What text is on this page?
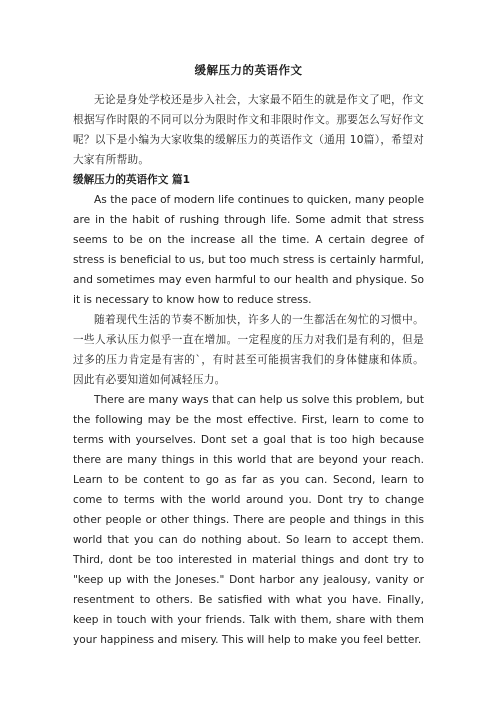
缓解压力的英语作文

无论是身处学校还是步入社会，大家最不陌生的就是作文了吧，作文根据写作时限的不同可以分为限时作文和非限时作文。那要怎么写好作文呢？以下是小编为大家收集的缓解压力的英语作文（通用 10篇），希望对大家有所帮助。

缓解压力的英语作文 篇1

As the pace of modern life continues to quicken, many people are in the habit of rushing through life. Some admit that stress seems to be on the increase all the time. A certain degree of stress is beneficial to us, but too much stress is certainly harmful, and sometimes may even harmful to our health and physique. So it is necessary to know how to reduce stress.

随着现代生活的节奏不断加快，许多人的一生都活在匆忙的习惯中。一些人承认压力似乎一直在增加。一定程度的压力对我们是有利的，但是过多的压力肯定是有害的`，有时甚至可能损害我们的身体健康和体质。因此有必要知道如何减轻压力。

There are many ways that can help us solve this problem, but the following may be the most effective. First, learn to come to terms with yourselves. Dont set a goal that is too high because there are many things in this world that are beyond your reach. Learn to be content to go as far as you can. Second, learn to come to terms with the world around you. Dont try to change other people or other things. There are people and things in this world that you can do nothing about. So learn to accept them. Third, dont be too interested in material things and dont try to "keep up with the Joneses." Dont harbor any jealousy, vanity or resentment to others. Be satisfied with what you have. Finally, keep in touch with your friends. Talk with them, share with them your happiness and misery. This will help to make you feel better.
